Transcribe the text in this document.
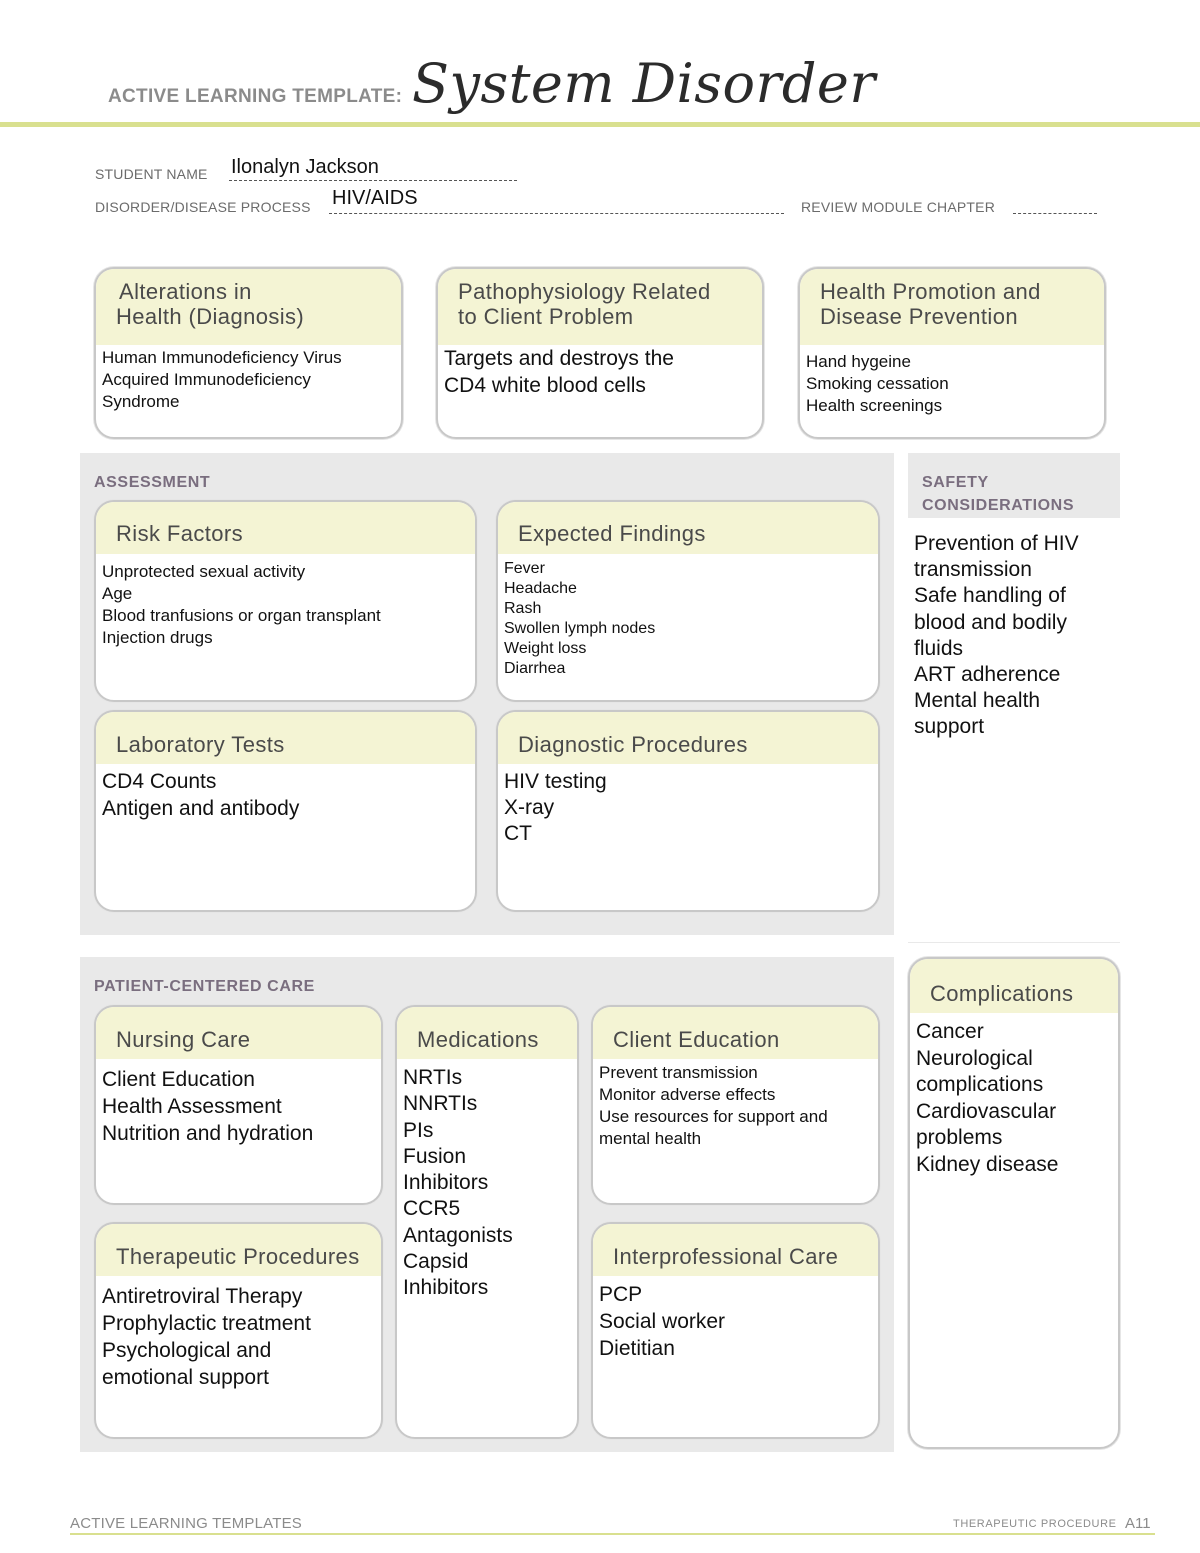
ACTIVE LEARNING TEMPLATE: System Disorder
STUDENT NAME Ilonalyn Jackson
DISORDER/DISEASE PROCESS HIV/AIDS	REVIEW MODULE CHAPTER
Alterations in
Health (Diagnosis)
Human Immunodeficiency Virus
Acquired Immunodeficiency
Syndrome
Pathophysiology Related
to Client Problem
Targets and destroys the
CD4 white blood cells
Health Promotion and
Disease Prevention
Hand hygeine
Smoking cessation
Health screenings
ASSESSMENT
Risk Factors
Unprotected sexual activity
Age
Blood tranfusions or organ transplant
Injection drugs
Expected Findings
Fever
Headache
Rash
Swollen lymph nodes
Weight loss
Diarrhea
Laboratory Tests
CD4 Counts
Antigen and antibody
Diagnostic Procedures
HIV testing
X-ray
CT
SAFETY
CONSIDERATIONS
Prevention of HIV
transmission
Safe handling of
blood and bodily
fluids
ART adherence
Mental health
support
PATIENT-CENTERED CARE
Nursing Care
Client Education
Health Assessment
Nutrition and hydration
Medications
NRTIs
NNRTIs
PIs
Fusion
Inhibitors
CCR5
Antagonists
Capsid
Inhibitors
Client Education
Prevent transmission
Monitor adverse effects
Use resources for support and
mental health
Therapeutic Procedures
Antiretroviral Therapy
Prophylactic treatment
Psychological and
emotional support
Interprofessional Care
PCP
Social worker
Dietitian
Complications
Cancer
Neurological
complications
Cardiovascular
problems
Kidney disease
ACTIVE LEARNING TEMPLATES	THERAPEUTIC PROCEDURE A11
